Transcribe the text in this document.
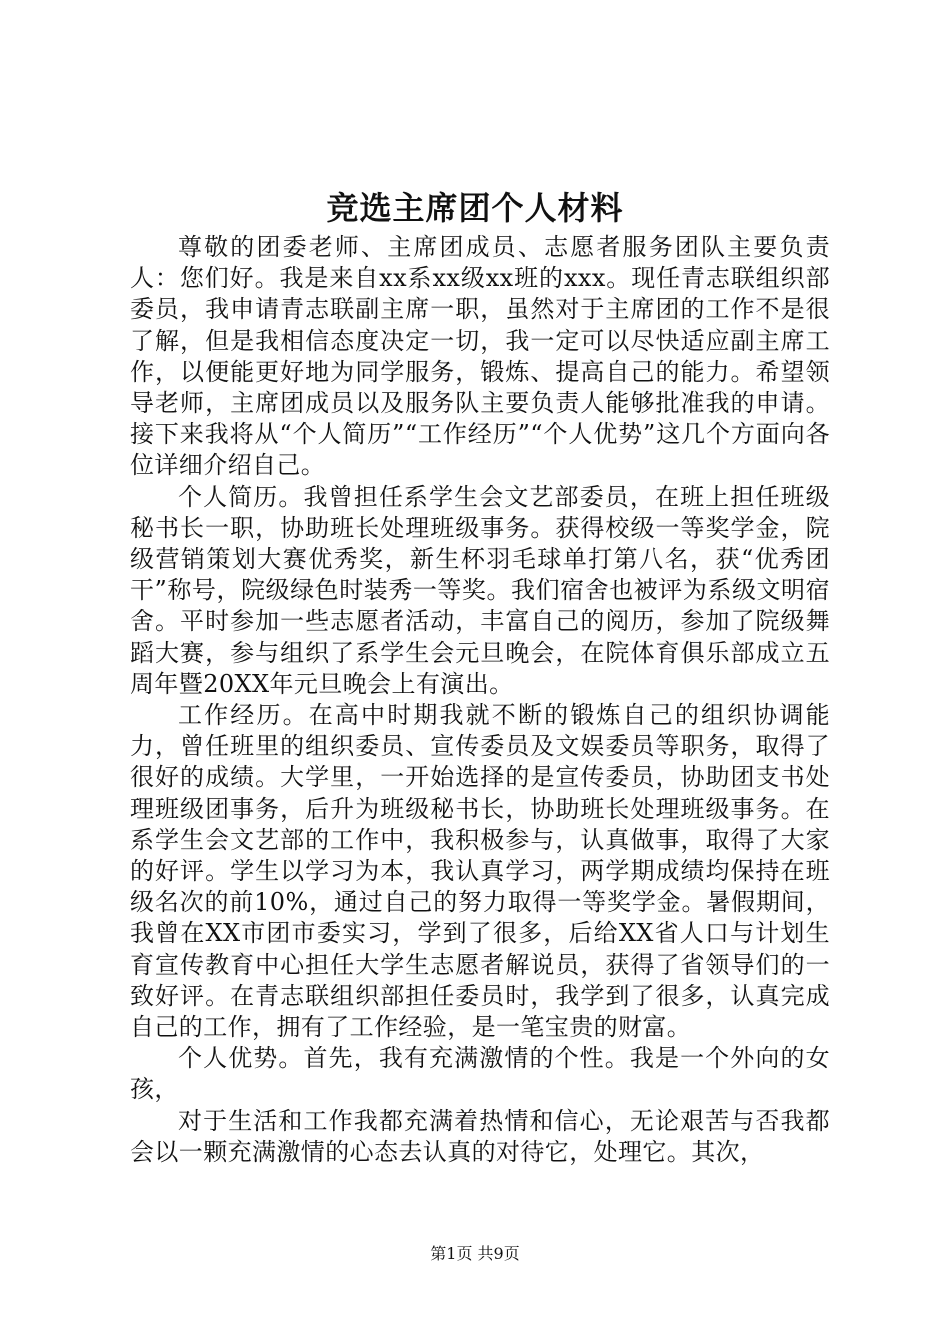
竞选主席团个人材料

尊敬的团委老师、主席团成员、志愿者服务团队主要负责人：您们好。我是来自xx系xx级xx班的xxx。现任青志联组织部委员，我申请青志联副主席一职，虽然对于主席团的工作不是很了解，但是我相信态度决定一切，我一定可以尽快适应副主席工作，以便能更好地为同学服务，锻炼、提高自己的能力。希望领导老师，主席团成员以及服务队主要负责人能够批准我的申请。接下来我将从“个人简历”“工作经历”“个人优势”这几个方面向各位详细介绍自己。

个人简历。我曾担任系学生会文艺部委员，在班上担任班级秘书长一职，协助班长处理班级事务。获得校级一等奖学金，院级营销策划大赛优秀奖，新生杯羽毛球单打第八名，获“优秀团干”称号，院级绿色时装秀一等奖。我们宿舍也被评为系级文明宿舍。平时参加一些志愿者活动，丰富自己的阅历，参加了院级舞蹈大赛，参与组织了系学生会元旦晚会，在院体育俱乐部成立五周年暨20XX年元旦晚会上有演出。

工作经历。在高中时期我就不断的锻炼自己的组织协调能力，曾任班里的组织委员、宣传委员及文娱委员等职务，取得了很好的成绩。大学里，一开始选择的是宣传委员，协助团支书处理班级团事务，后升为班级秘书长，协助班长处理班级事务。在系学生会文艺部的工作中，我积极参与，认真做事，取得了大家的好评。学生以学习为本，我认真学习，两学期成绩均保持在班级名次的前10%，通过自己的努力取得一等奖学金。暑假期间，我曾在XX市团市委实习，学到了很多，后给XX省人口与计划生育宣传教育中心担任大学生志愿者解说员，获得了省领导们的一致好评。在青志联组织部担任委员时，我学到了很多，认真完成自己的工作，拥有了工作经验，是一笔宝贵的财富。

个人优势。首先，我有充满激情的个性。我是一个外向的女孩，

对于生活和工作我都充满着热情和信心，无论艰苦与否我都会以一颗充满激情的心态去认真的对待它，处理它。其次，

第1页 共9页
